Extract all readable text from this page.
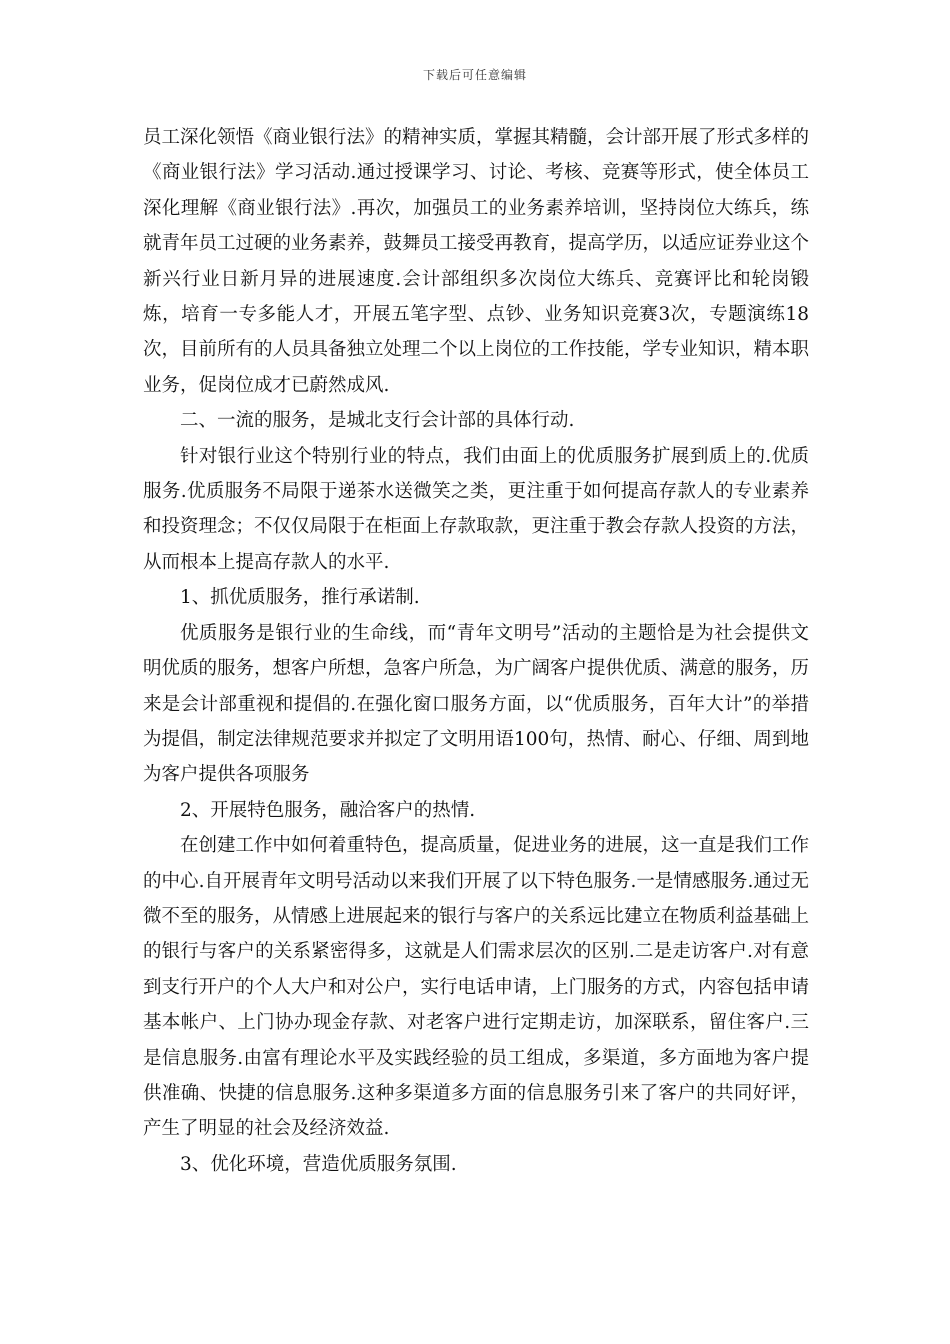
下载后可任意编辑

员工深化领悟《商业银行法》的精神实质，掌握其精髓，会计部开展了形式多样的《商业银行法》学习活动.通过授课学习、讨论、考核、竞赛等形式，使全体员工深化理解《商业银行法》.再次，加强员工的业务素养培训，坚持岗位大练兵，练就青年员工过硬的业务素养，鼓舞员工接受再教育，提高学历，以适应证券业这个新兴行业日新月异的进展速度.会计部组织多次岗位大练兵、竞赛评比和轮岗锻炼，培育一专多能人才，开展五笔字型、点钞、业务知识竞赛3次，专题演练18次，目前所有的人员具备独立处理二个以上岗位的工作技能，学专业知识，精本职业务，促岗位成才已蔚然成风.

二、一流的服务，是城北支行会计部的具体行动.

针对银行业这个特别行业的特点，我们由面上的优质服务扩展到质上的.优质服务.优质服务不局限于递茶水送微笑之类，更注重于如何提高存款人的专业素养和投资理念；不仅仅局限于在柜面上存款取款，更注重于教会存款人投资的方法，从而根本上提高存款人的水平.

1、抓优质服务，推行承诺制.

优质服务是银行业的生命线，而“青年文明号”活动的主题恰是为社会提供文明优质的服务，想客户所想，急客户所急，为广阔客户提供优质、满意的服务，历来是会计部重视和提倡的.在强化窗口服务方面，以“优质服务，百年大计”的举措为提倡，制定法律规范要求并拟定了文明用语100句，热情、耐心、仔细、周到地为客户提供各项服务

2、开展特色服务，融洽客户的热情.

在创建工作中如何着重特色，提高质量，促进业务的进展，这一直是我们工作的中心.自开展青年文明号活动以来我们开展了以下特色服务.一是情感服务.通过无微不至的服务，从情感上进展起来的银行与客户的关系远比建立在物质利益基础上的银行与客户的关系紧密得多，这就是人们需求层次的区别.二是走访客户.对有意到支行开户的个人大户和对公户，实行电话申请，上门服务的方式，内容包括申请基本帐户、上门协办现金存款、对老客户进行定期走访，加深联系，留住客户.三是信息服务.由富有理论水平及实践经验的员工组成，多渠道，多方面地为客户提供准确、快捷的信息服务.这种多渠道多方面的信息服务引来了客户的共同好评，产生了明显的社会及经济效益.

3、优化环境，营造优质服务氛围.
